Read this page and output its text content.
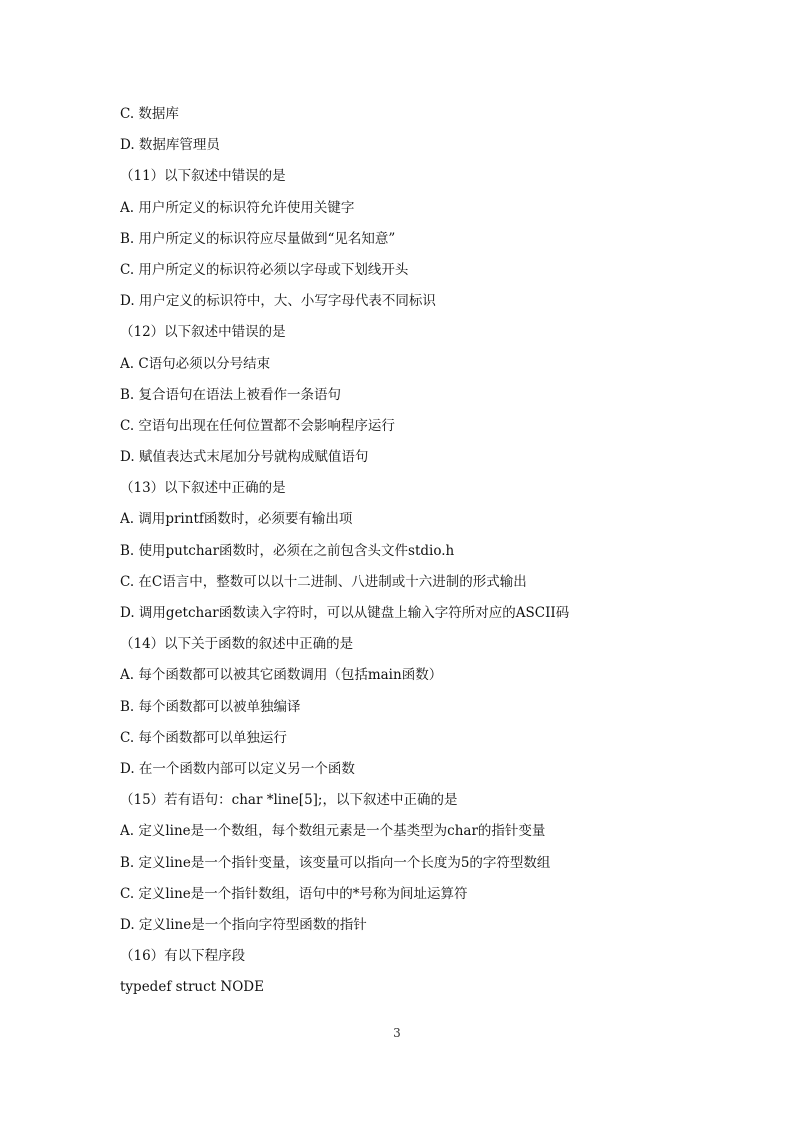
C. 数据库
D. 数据库管理员
（11）以下叙述中错误的是
A. 用户所定义的标识符允许使用关键字
B. 用户所定义的标识符应尽量做到“见名知意”
C. 用户所定义的标识符必须以字母或下划线开头
D. 用户定义的标识符中，大、小写字母代表不同标识
（12）以下叙述中错误的是
A. C语句必须以分号结束
B. 复合语句在语法上被看作一条语句
C. 空语句出现在任何位置都不会影响程序运行
D. 赋值表达式末尾加分号就构成赋值语句
（13）以下叙述中正确的是
A. 调用printf函数时，必须要有输出项
B. 使用putchar函数时，必须在之前包含头文件stdio.h
C. 在C语言中，整数可以以十二进制、八进制或十六进制的形式输出
D. 调用getchar函数读入字符时，可以从键盘上输入字符所对应的ASCII码
（14）以下关于函数的叙述中正确的是
A. 每个函数都可以被其它函数调用（包括main函数）
B. 每个函数都可以被单独编译
C. 每个函数都可以单独运行
D. 在一个函数内部可以定义另一个函数
（15）若有语句：char *line[5];，以下叙述中正确的是
A. 定义line是一个数组，每个数组元素是一个基类型为char的指针变量
B. 定义line是一个指针变量，该变量可以指向一个长度为5的字符型数组
C. 定义line是一个指针数组，语句中的*号称为间址运算符
D. 定义line是一个指向字符型函数的指针
（16）有以下程序段
typedef struct NODE
3
